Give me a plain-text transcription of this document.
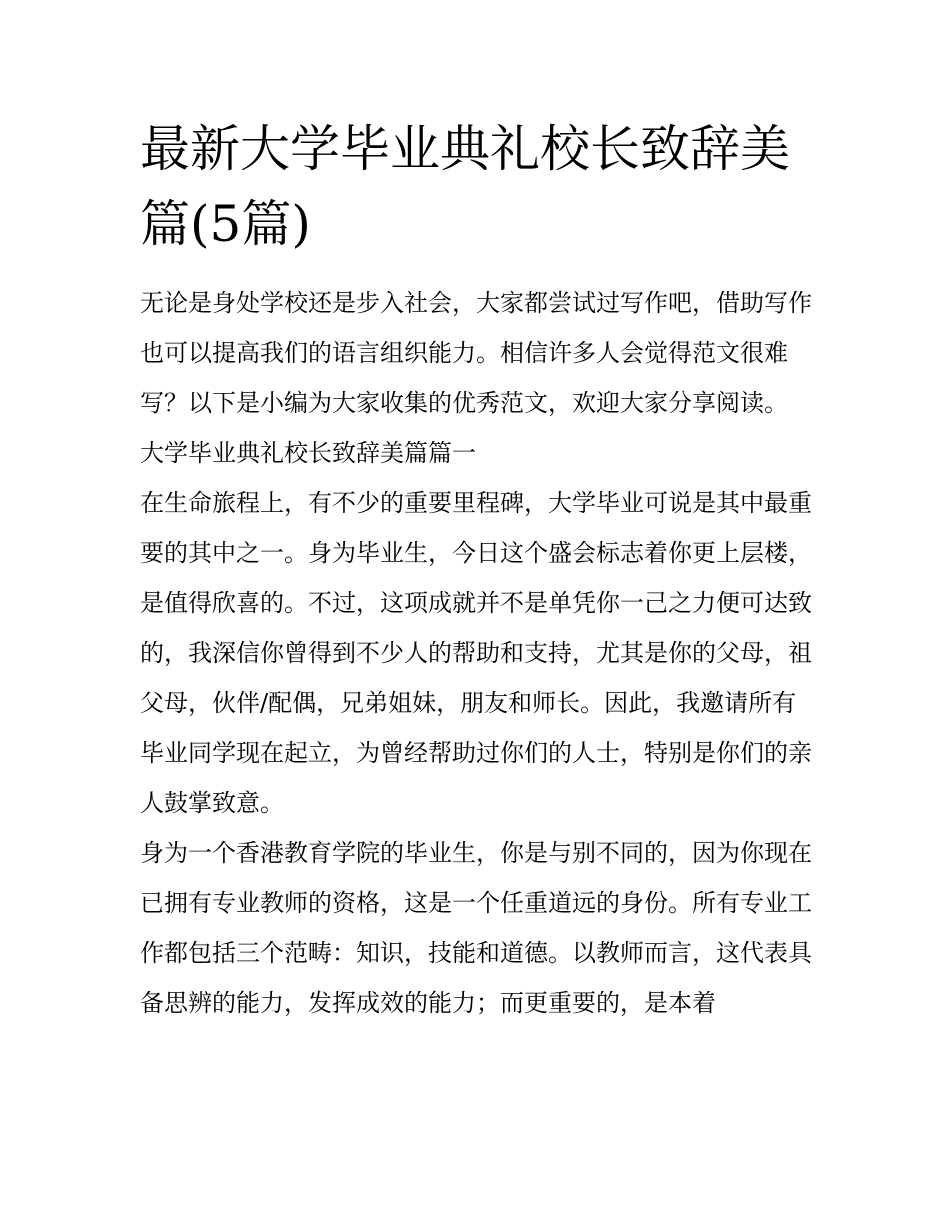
最新大学毕业典礼校长致辞美篇(5篇)

无论是身处学校还是步入社会，大家都尝试过写作吧，借助写作也可以提高我们的语言组织能力。相信许多人会觉得范文很难写？以下是小编为大家收集的优秀范文，欢迎大家分享阅读。

大学毕业典礼校长致辞美篇篇一

在生命旅程上，有不少的重要里程碑，大学毕业可说是其中最重要的其中之一。身为毕业生，今日这个盛会标志着你更上层楼，是值得欣喜的。不过，这项成就并不是单凭你一己之力便可达致的，我深信你曾得到不少人的帮助和支持，尤其是你的父母，祖父母，伙伴/配偶，兄弟姐妹，朋友和师长。因此，我邀请所有毕业同学现在起立，为曾经帮助过你们的人士，特别是你们的亲人鼓掌致意。

身为一个香港教育学院的毕业生，你是与别不同的，因为你现在已拥有专业教师的资格，这是一个任重道远的身份。所有专业工作都包括三个范畴：知识，技能和道德。以教师而言，这代表具备思辨的能力，发挥成效的能力；而更重要的，是本着
